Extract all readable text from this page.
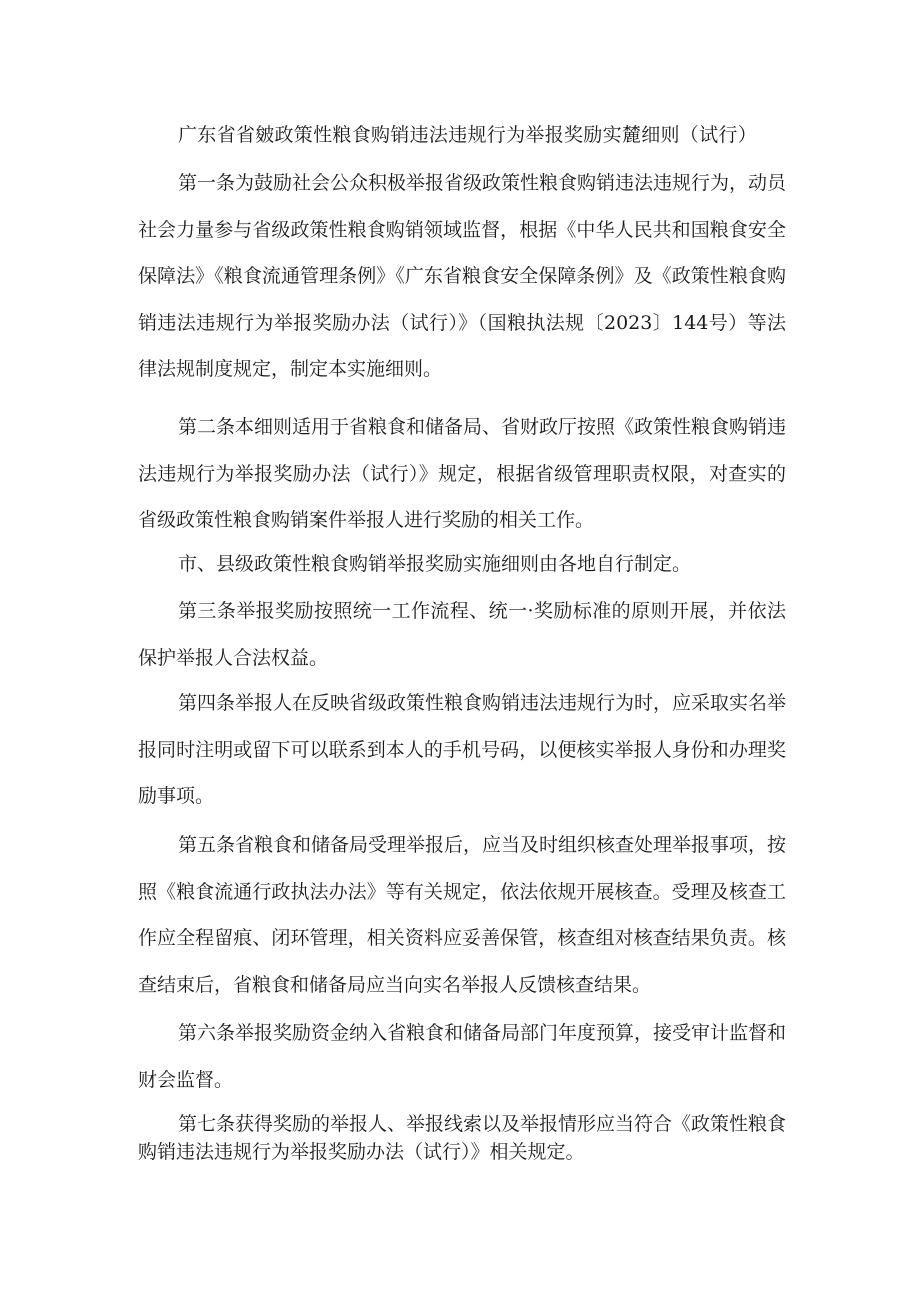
广东省省皴政策性粮食购销违法违规行为举报奖励实麓细则（试行）

第一条为鼓励社会公众积极举报省级政策性粮食购销违法违规行为，动员社会力量参与省级政策性粮食购销领域监督，根据《中华人民共和国粮食安全保障法》《粮食流通管理条例》《广东省粮食安全保障条例》及《政策性粮食购销违法违规行为举报奖励办法（试行）》（国粮执法规〔2023〕144号）等法律法规制度规定，制定本实施细则。

第二条本细则适用于省粮食和储备局、省财政厅按照《政策性粮食购销违法违规行为举报奖励办法（试行）》规定，根据省级管理职责权限，对查实的省级政策性粮食购销案件举报人进行奖励的相关工作。

市、县级政策性粮食购销举报奖励实施细则由各地自行制定。

第三条举报奖励按照统一工作流程、统一·奖励标准的原则开展，并依法保护举报人合法权益。

第四条举报人在反映省级政策性粮食购销违法违规行为时，应采取实名举报同时注明或留下可以联系到本人的手机号码，以便核实举报人身份和办理奖励事项。

第五条省粮食和储备局受理举报后，应当及时组织核查处理举报事项，按照《粮食流通行政执法办法》等有关规定，依法依规开展核查。受理及核查工作应全程留痕、闭环管理，相关资料应妥善保管，核查组对核查结果负责。核查结束后，省粮食和储备局应当向实名举报人反馈核查结果。

第六条举报奖励资金纳入省粮食和储备局部门年度预算，接受审计监督和财会监督。

第七条获得奖励的举报人、举报线索以及举报情形应当符合《政策性粮食购销违法违规行为举报奖励办法（试行）》相关规定。
